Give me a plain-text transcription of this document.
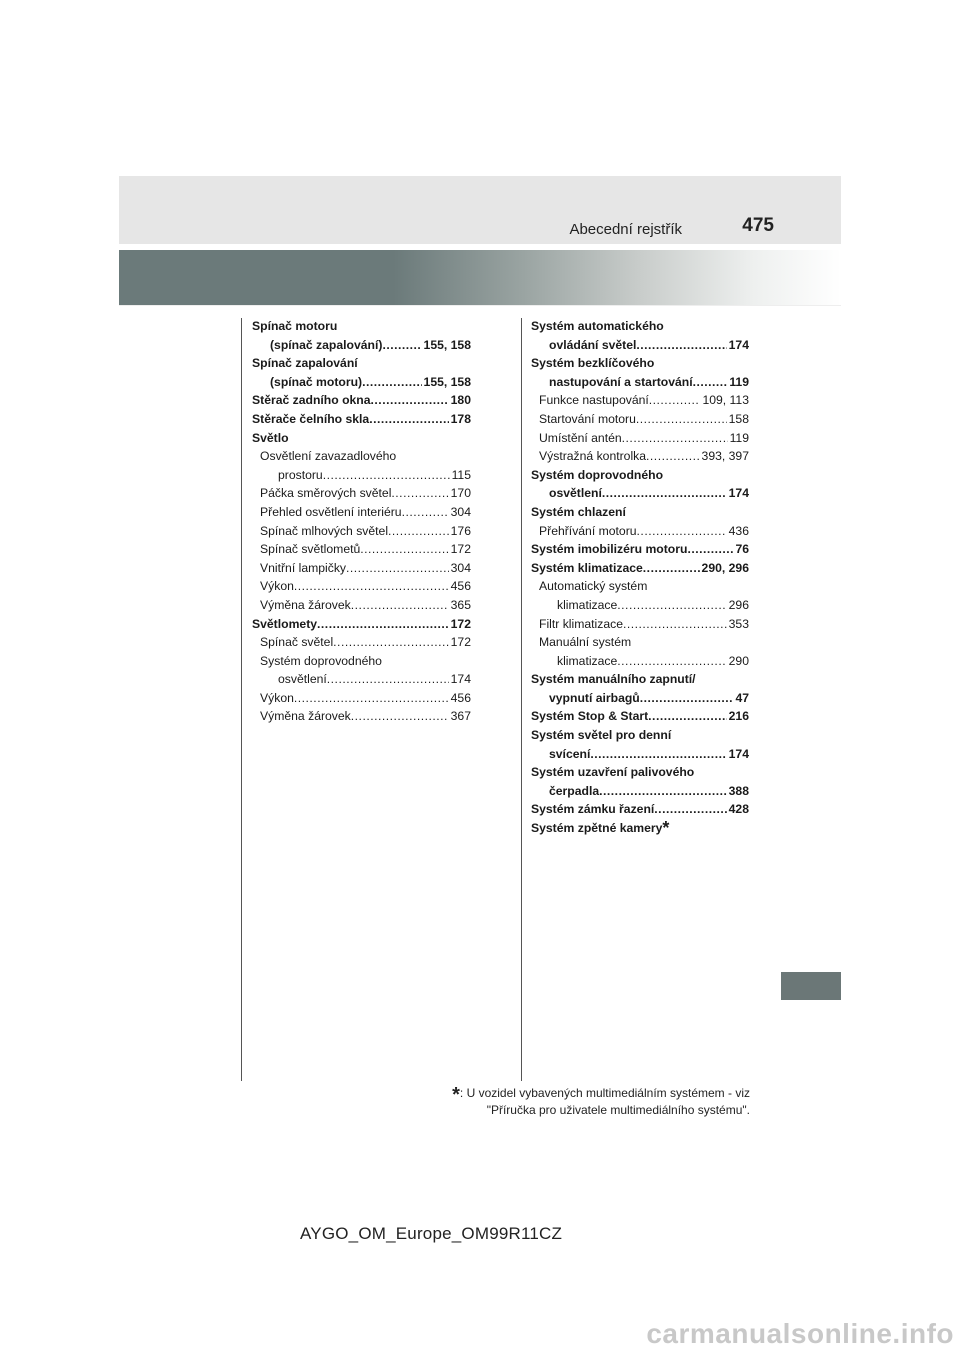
Abecední rejstřík	475
Spínač motoru
(spínač zapalování) .....	155, 158
Spínač zapalování
(spínač motoru) .....	155, 158
Stěrač zadního okna .....	180
Stěrače čelního skla .....	178
Světlo
Osvětlení zavazadlového
prostoru .....	115
Páčka směrových světel .....	170
Přehled osvětlení interiéru .....	304
Spínač mlhových světel .....	176
Spínač světlometů .....	172
Vnitřní lampičky .....	304
Výkon .....	456
Výměna žárovek .....	365
Světlomety .....	172
Spínač světel .....	172
Systém doprovodného
osvětlení .....	174
Výkon .....	456
Výměna žárovek .....	367
Systém automatického
ovládání světel .....	174
Systém bezklíčového
nastupování a startování .....	119
Funkce nastupování .....	109, 113
Startování motoru .....	158
Umístění antén .....	119
Výstražná kontrolka .....	393, 397
Systém doprovodného
osvětlení .....	174
Systém chlazení
Přehřívání motoru .....	436
Systém imobilizéru motoru .....	76
Systém klimatizace .....	290, 296
Automatický systém
klimatizace .....	296
Filtr klimatizace .....	353
Manuální systém
klimatizace .....	290
Systém manuálního zapnutí/
vypnutí airbagů .....	47
Systém Stop & Start .....	216
Systém světel pro denní
svícení .....	174
Systém uzavření palivového
čerpadla .....	388
Systém zámku řazení .....	428
Systém zpětné kamery *
*: U vozidel vybavených multimediálním systémem - viz
"Příručka pro uživatele multimediálního systému".
AYGO_OM_Europe_OM99R11CZ
carmanualsonline.info
